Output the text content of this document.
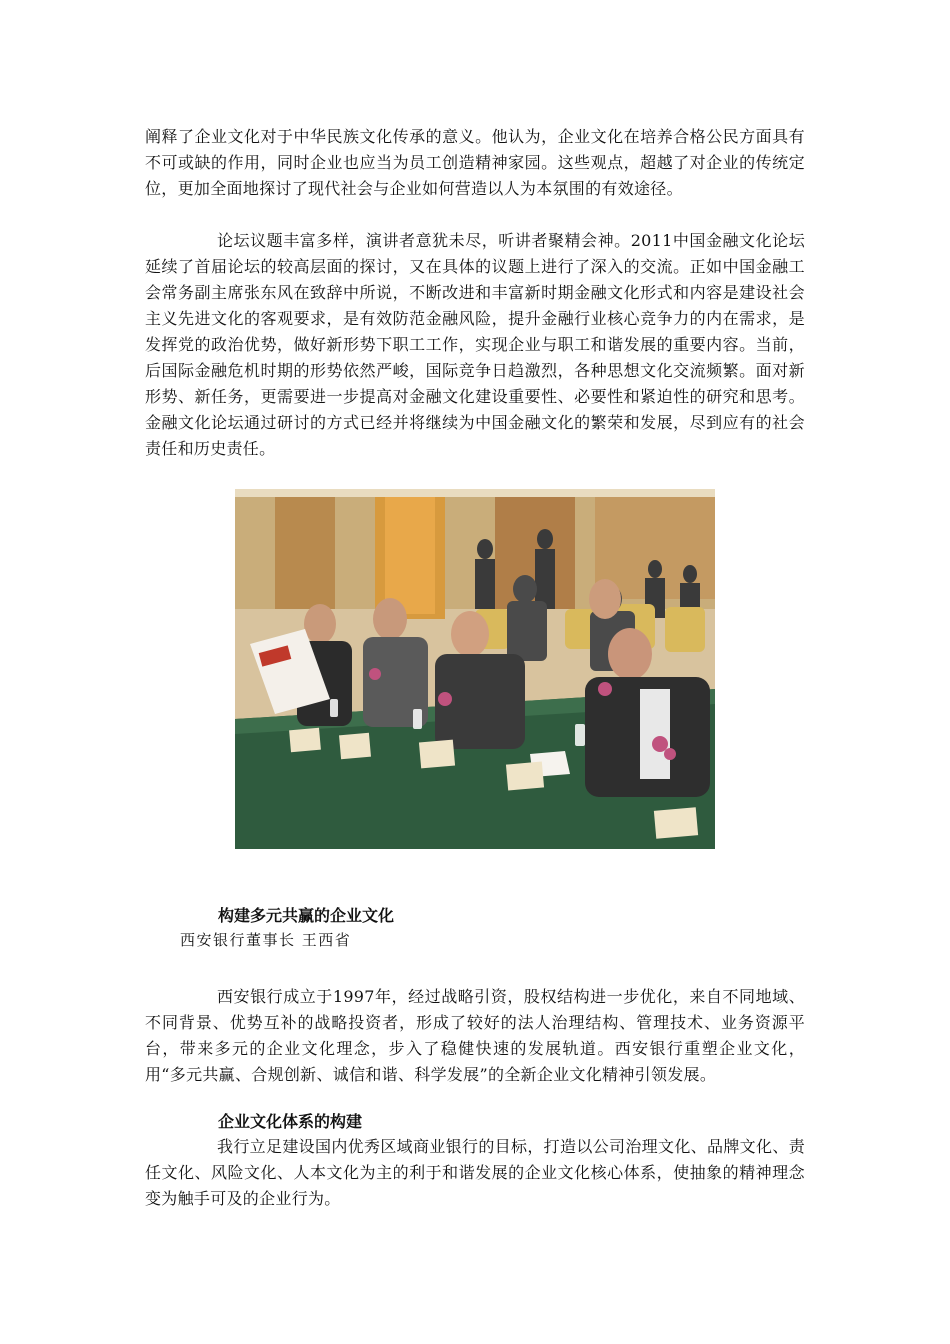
阐释了企业文化对于中华民族文化传承的意义。他认为，企业文化在培养合格公民方面具有不可或缺的作用，同时企业也应当为员工创造精神家园。这些观点，超越了对企业的传统定位，更加全面地探讨了现代社会与企业如何营造以人为本氛围的有效途径。

论坛议题丰富多样，演讲者意犹未尽，听讲者聚精会神。2011中国金融文化论坛延续了首届论坛的较高层面的探讨，又在具体的议题上进行了深入的交流。正如中国金融工会常务副主席张东风在致辞中所说，不断改进和丰富新时期金融文化形式和内容是建设社会主义先进文化的客观要求，是有效防范金融风险，提升金融行业核心竞争力的内在需求，是发挥党的政治优势，做好新形势下职工工作，实现企业与职工和谐发展的重要内容。当前，后国际金融危机时期的形势依然严峻，国际竞争日趋激烈，各种思想文化交流频繁。面对新形势、新任务，更需要进一步提高对金融文化建设重要性、必要性和紧迫性的研究和思考。金融文化论坛通过研讨的方式已经并将继续为中国金融文化的繁荣和发展，尽到应有的社会责任和历史责任。

构建多元共赢的企业文化
西安银行董事长 王西省

西安银行成立于1997年，经过战略引资，股权结构进一步优化，来自不同地域、不同背景、优势互补的战略投资者，形成了较好的法人治理结构、管理技术、业务资源平台，带来多元的企业文化理念，步入了稳健快速的发展轨道。西安银行重塑企业文化，用“多元共赢、合规创新、诚信和谐、科学发展”的全新企业文化精神引领发展。

企业文化体系的构建

我行立足建设国内优秀区域商业银行的目标，打造以公司治理文化、品牌文化、责任文化、风险文化、人本文化为主的利于和谐发展的企业文化核心体系，使抽象的精神理念变为触手可及的企业行为。
